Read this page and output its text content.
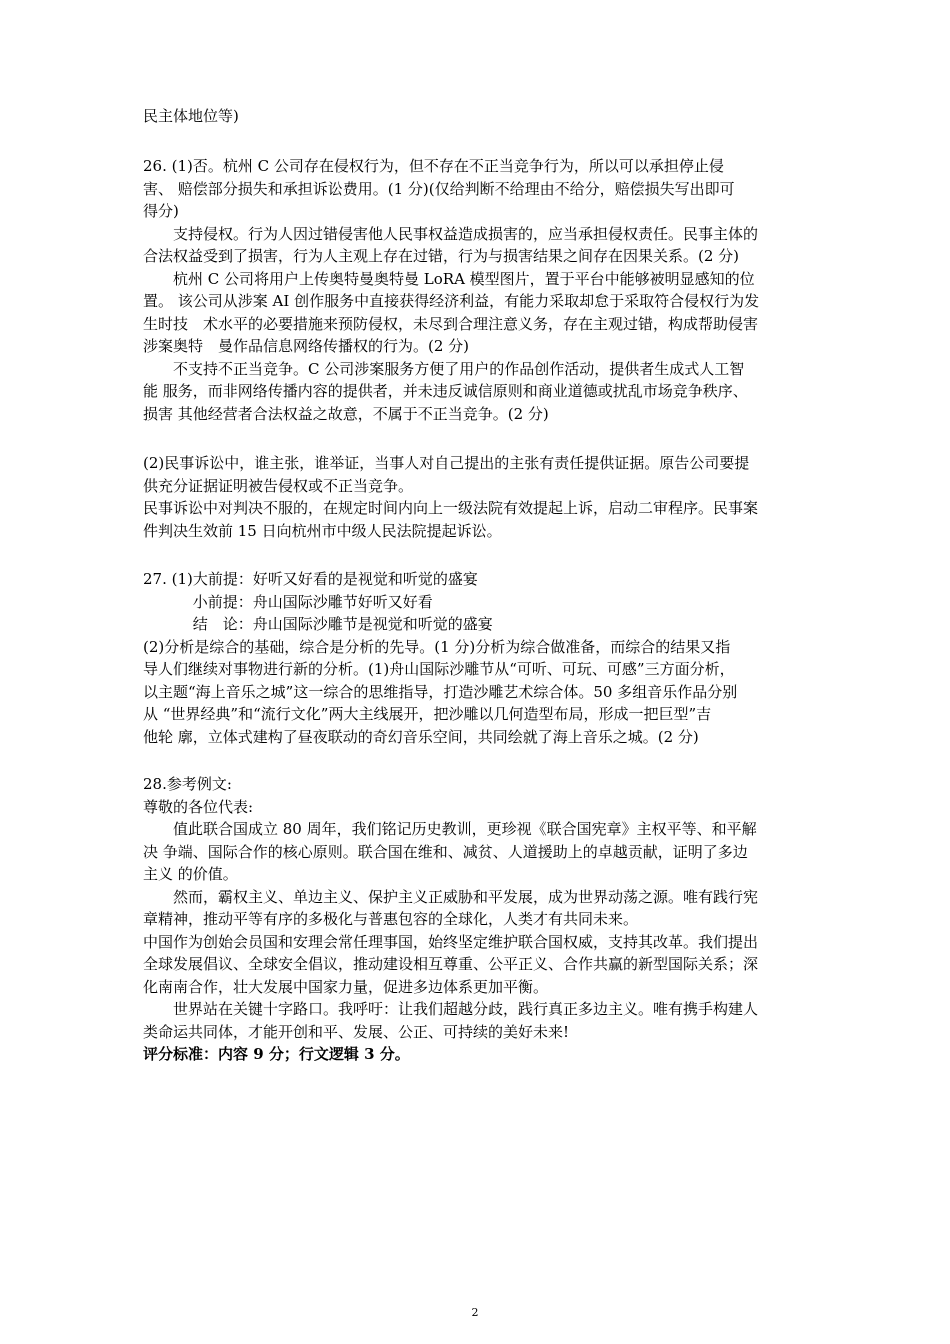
民主体地位等)

26. (1)否。杭州 C 公司存在侵权行为，但不存在不正当竞争行为，所以可以承担停止侵

害、 赔偿部分损失和承担诉讼费用。(1 分)(仅给判断不给理由不给分，赔偿损失写出即可

得分)

　　支持侵权。行为人因过错侵害他人民事权益造成损害的，应当承担侵权责任。民事主体的

合法权益受到了损害，行为人主观上存在过错，行为与损害结果之间存在因果关系。(2 分)

　　杭州 C 公司将用户上传奥特曼奥特曼 LoRA 模型图片，置于平台中能够被明显感知的位

置。 该公司从涉案 AI 创作服务中直接获得经济利益，有能力采取却怠于采取符合侵权行为发

生时技　术水平的必要措施来预防侵权，未尽到合理注意义务，存在主观过错，构成帮助侵害

涉案奥特　曼作品信息网络传播权的行为。(2 分)

　　不支持不正当竞争。C 公司涉案服务方便了用户的作品创作活动，提供者生成式人工智

能 服务，而非网络传播内容的提供者，并未违反诚信原则和商业道德或扰乱市场竞争秩序、

损害 其他经营者合法权益之故意，不属于不正当竞争。(2 分)

(2)民事诉讼中，谁主张，谁举证，当事人对自己提出的主张有责任提供证据。原告公司要提

供充分证据证明被告侵权或不正当竞争。

民事诉讼中对判决不服的，在规定时间内向上一级法院有效提起上诉，启动二审程序。民事案

件判决生效前 15 日向杭州市中级人民法院提起诉讼。

27. (1)大前提：好听又好看的是视觉和听觉的盛宴

　　　 小前提：舟山国际沙雕节好听又好看

　　　 结　论：舟山国际沙雕节是视觉和听觉的盛宴

(2)分析是综合的基础，综合是分析的先导。(1 分)分析为综合做准备，而综合的结果又指

导人们继续对事物进行新的分析。(1)舟山国际沙雕节从“可听、可玩、可感”三方面分析，

以主题“海上音乐之城”这一综合的思维指导，打造沙雕艺术综合体。50 多组音乐作品分别

从 “世界经典”和“流行文化”两大主线展开，把沙雕以几何造型布局，形成一把巨型”吉

他轮 廓，立体式建构了昼夜联动的奇幻音乐空间，共同绘就了海上音乐之城。(2 分)

28.参考例文:

尊敬的各位代表:

　　值此联合国成立 80 周年，我们铭记历史教训，更珍视《联合国宪章》主权平等、和平解

决 争端、国际合作的核心原则。联合国在维和、减贫、人道援助上的卓越贡献，证明了多边

主义 的价值。

　　然而，霸权主义、单边主义、保护主义正威胁和平发展，成为世界动荡之源。唯有践行宪

章精神，推动平等有序的多极化与普惠包容的全球化，人类才有共同未来。

中国作为创始会员国和安理会常任理事国，始终坚定维护联合国权威，支持其改革。我们提出

全球发展倡议、全球安全倡议，推动建设相互尊重、公平正义、合作共赢的新型国际关系；深

化南南合作，壮大发展中国家力量，促进多边体系更加平衡。

　　世界站在关键十字路口。我呼吁：让我们超越分歧，践行真正多边主义。唯有携手构建人

类命运共同体，才能开创和平、发展、公正、可持续的美好未来!

评分标准：内容 9 分；行文逻辑 3 分。

2
